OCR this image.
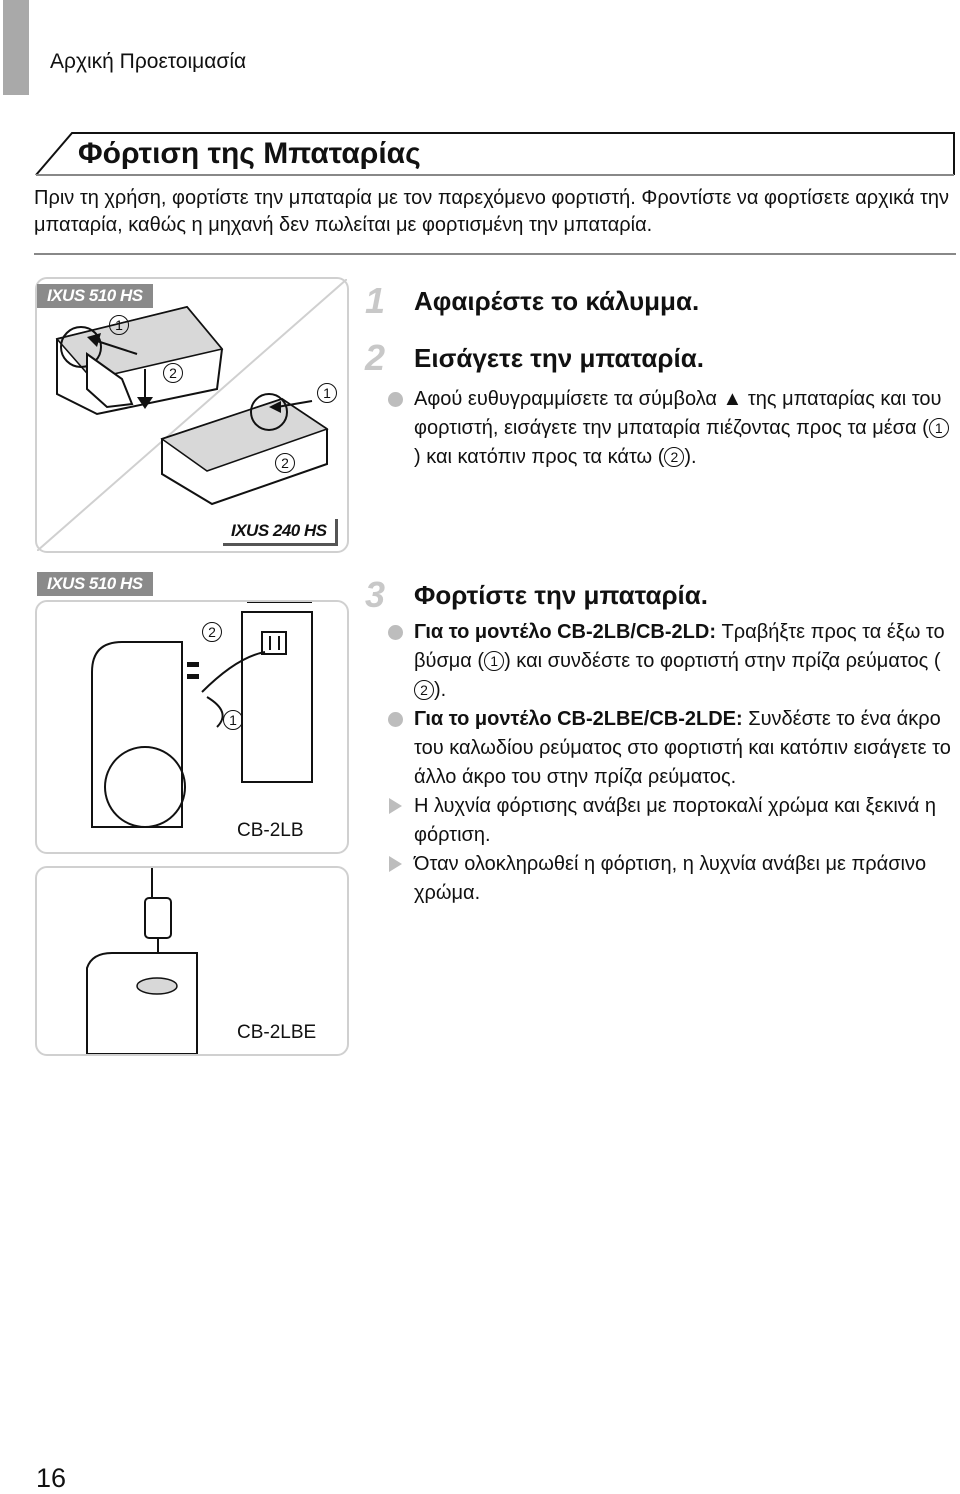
Αρχική Προετοιμασία
Φόρτιση της Μπαταρίας
Πριν τη χρήση, φορτίστε την μπαταρία με τον παρεχόμενο φορτιστή. Φροντίστε να φορτίσετε αρχικά την μπαταρία, καθώς η μηχανή δεν πωλείται με φορτισμένη την μπαταρία.
IXUS 510 HS
IXUS 240 HS
1
2
1
2
IXUS 510 HS
2
1
CB-2LB
CB-2LBE
1	Αφαιρέστε το κάλυμμα.
2	Εισάγετε την μπαταρία.
Αφού ευθυγραμμίσετε τα σύμβολα ▲ της μπαταρίας και του φορτιστή, εισάγετε την μπαταρία πιέζοντας προς τα μέσα ( 1) και κατόπιν προς τα κάτω ( 2 ).
3	Φορτίστε την μπαταρία.
Για το μοντέλο CB-2LB/CB-2LD: Τραβήξτε προς τα έξω το βύσμα ( 1 ) και συνδέστε το φορτιστή στην πρίζα ρεύματος (2 ).
Για το μοντέλο CB-2LBE/CB-2LDE: Συνδέστε το ένα άκρο του καλωδίου ρεύματος στο φορτιστή και κατόπιν εισάγετε το άλλο άκρο του στην πρίζα ρεύματος.
Η λυχνία φόρτισης ανάβει με πορτοκαλί χρώμα και ξεκινά η φόρτιση.
Όταν ολοκληρωθεί η φόρτιση, η λυχνία ανάβει με πράσινο χρώμα.
16
